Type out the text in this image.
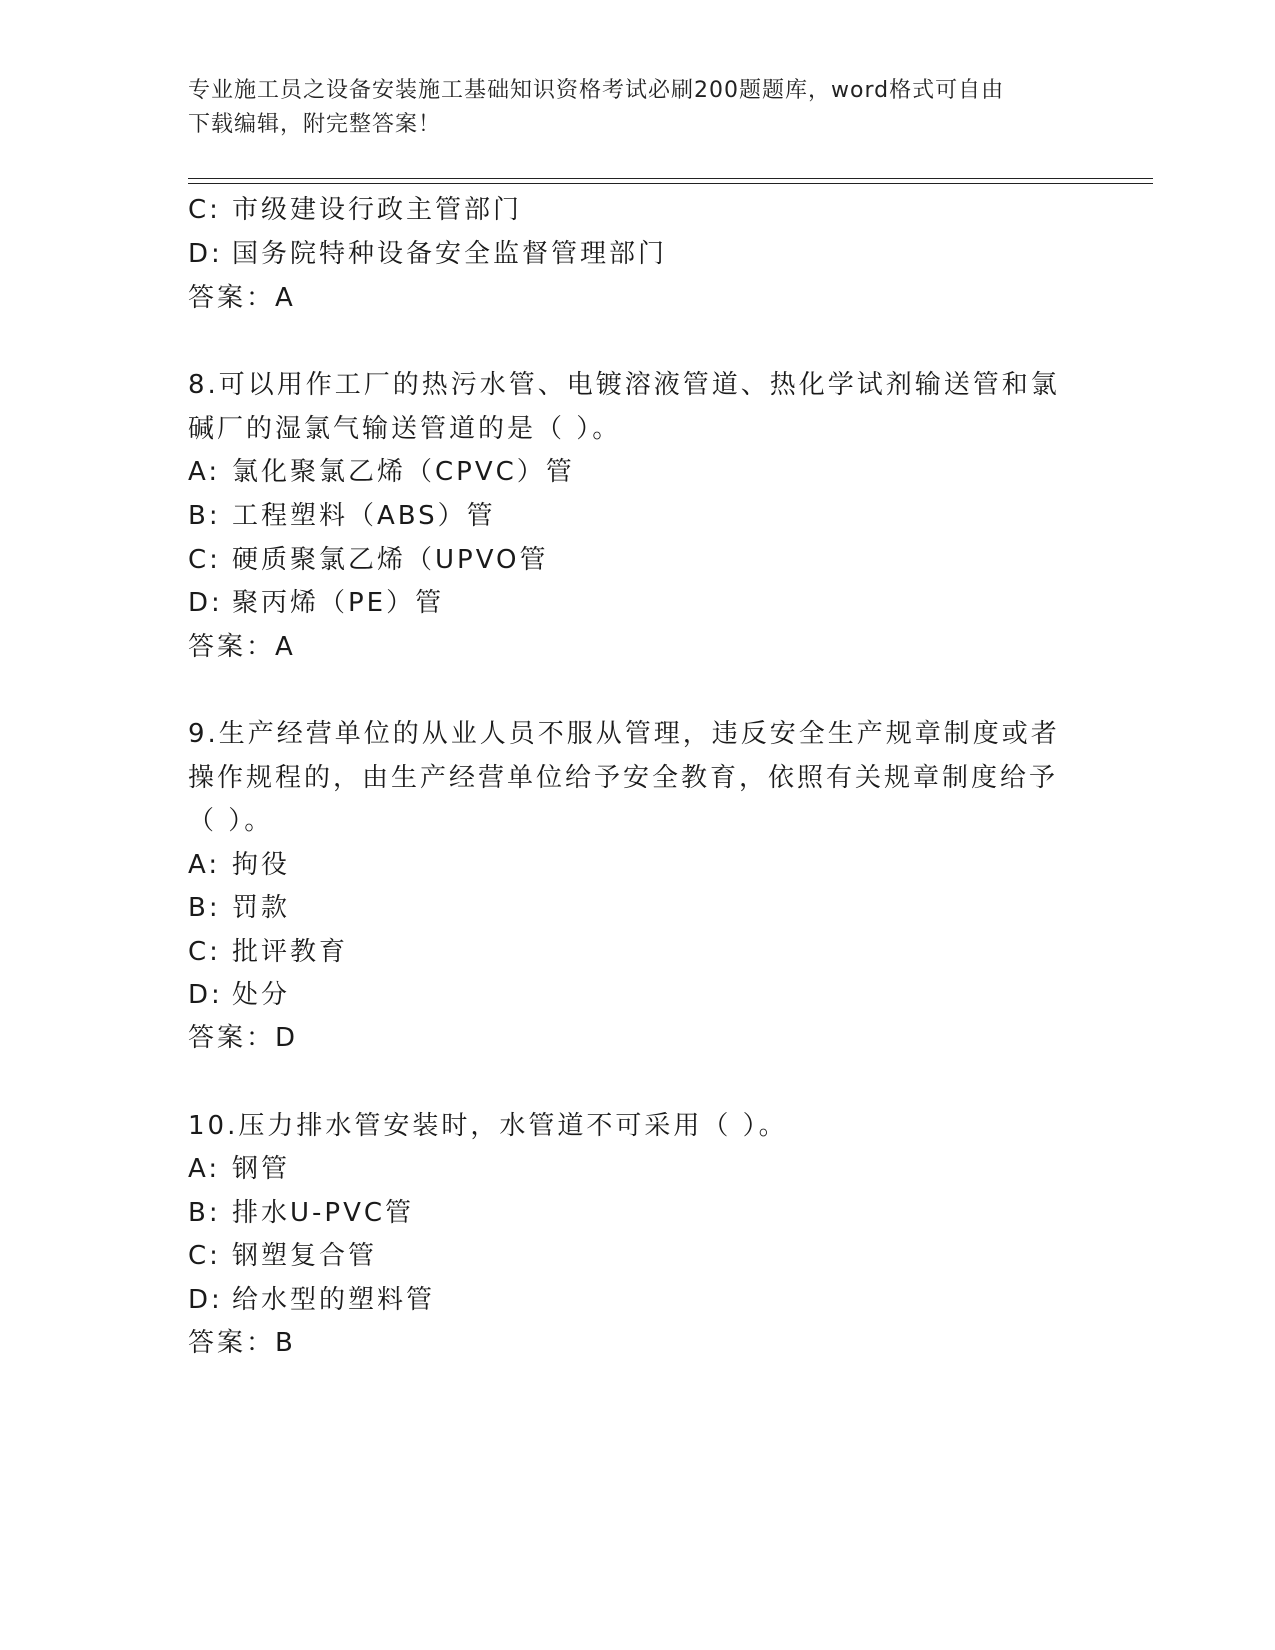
专业施工员之设备安装施工基础知识资格考试必刷200题题库，word格式可自由
下载编辑，附完整答案！
C: 市级建设行政主管部门
D: 国务院特种设备安全监督管理部门
答案：A
8.可以用作工厂的热污水管、电镀溶液管道、热化学试剂输送管和氯
碱厂的湿氯气输送管道的是（ ）。
A: 氯化聚氯乙烯（CPVC）管
B: 工程塑料（ABS）管
C: 硬质聚氯乙烯（UPVO管
D: 聚丙烯（PE）管
答案：A
9.生产经营单位的从业人员不服从管理，违反安全生产规章制度或者
操作规程的，由生产经营单位给予安全教育，依照有关规章制度给予
（ ）。
A: 拘役
B: 罚款
C: 批评教育
D: 处分
答案：D
10.压力排水管安装时，水管道不可采用（ ）。
A: 钢管
B: 排水U-PVC管
C: 钢塑复合管
D: 给水型的塑料管
答案：B
